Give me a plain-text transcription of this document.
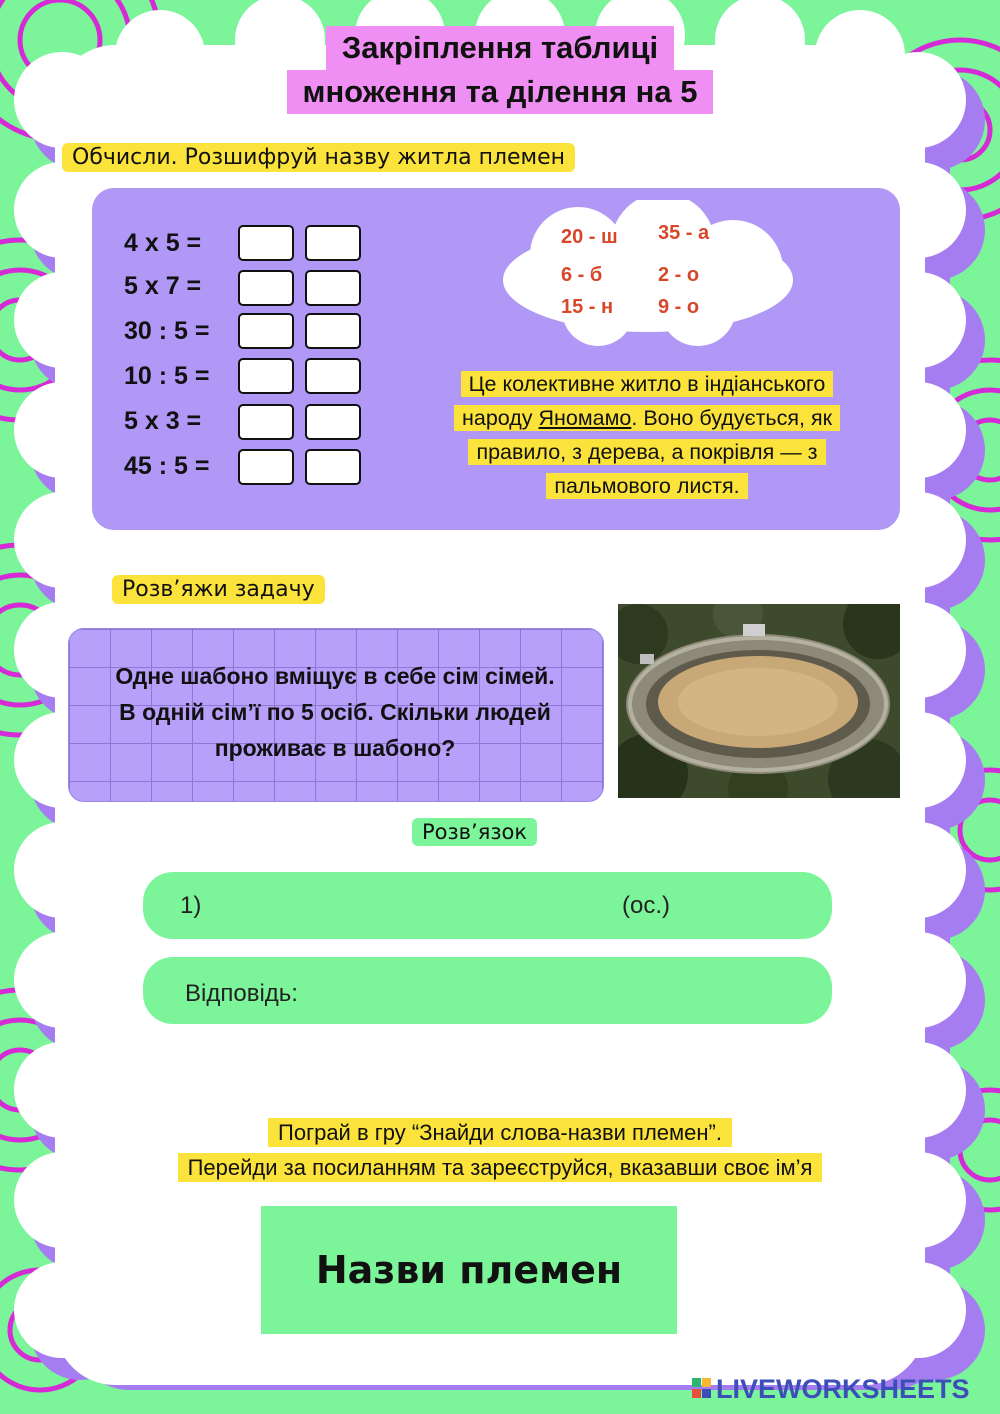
Закріплення таблиці
множення та ділення на 5
Обчисли. Розшифруй назву житла племен
4 х 5 =
5 х 7 =
30 : 5 =
10 : 5 =
5 х 3 =
45 : 5 =
20 - ш 35 - а
6 - б	2 - о
15 - н 9 - о
Це колективне житло в індіанського
народу Яномамо. Воно будується, як
правило, з дерева, а покрівля — з
пальмового листя.
Розв’яжи задачу
Одне шабоно вміщує в себе сім сімей.
В одній сім’ї по 5 осіб. Скільки людей
проживає в шабоно?
Розв’язок
1)	(ос.)
Відповідь:
Пограй в гру “Знайди слова-назви племен”.
Перейди за посиланням та зареєструйся, вказавши своє ім’я
Назви племен
LIVEWORKSHEETS
